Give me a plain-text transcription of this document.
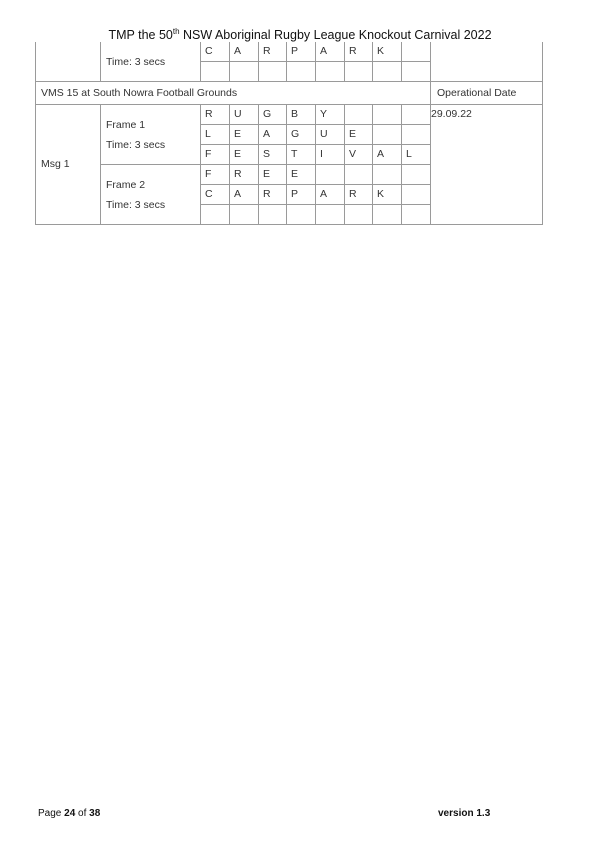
TMP the 50th NSW Aboriginal Rugby League Knockout Carnival 2022
	Time: 3 secs	C	A	R	P	A	R	K		

VMS 15 at South Nowra Football Grounds										Operational Date
Msg 1	Frame 1
Time: 3 secs	R	U	G	B	Y				29.09.22
		L	E	A	G	U	E			
		F	E	S	T	I	V	A	L	

	Frame 2
Time: 3 secs	F	R	E	E					
		C	A	R	P	A	R	K		

Page 24 of 38	version 1.3
